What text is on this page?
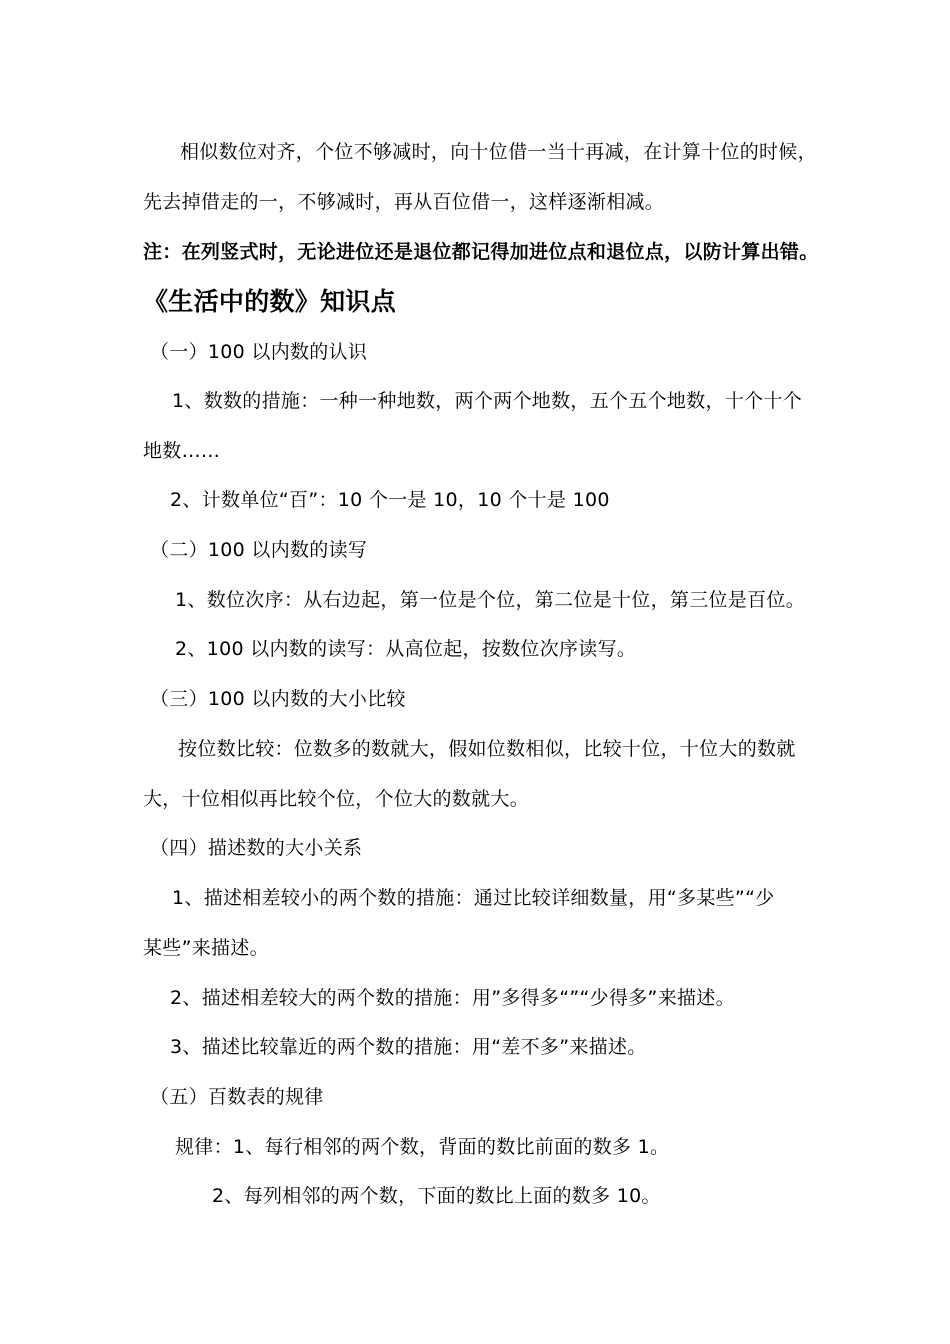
相似数位对齐，个位不够减时，向十位借一当十再减，在计算十位的时候，
先去掉借走的一，不够减时，再从百位借一，这样逐渐相减。
注：在列竖式时，无论进位还是退位都记得加进位点和退位点，以防计算出错。
《生活中的数》知识点
（一）100 以内数的认识
1、数数的措施：一种一种地数，两个两个地数，五个五个地数，十个十个
地数……
2、计数单位“百”：10 个一是 10，10 个十是 100
（二）100 以内数的读写
1、数位次序：从右边起，第一位是个位，第二位是十位，第三位是百位。
2、100 以内数的读写：从高位起，按数位次序读写。
（三）100 以内数的大小比较
按位数比较：位数多的数就大，假如位数相似，比较十位，十位大的数就
大，十位相似再比较个位，个位大的数就大。
（四）描述数的大小关系
1、描述相差较小的两个数的措施：通过比较详细数量，用“多某些”“少
某些”来描述。
2、描述相差较大的两个数的措施：用”多得多“”“少得多”来描述。
3、描述比较靠近的两个数的措施：用“差不多”来描述。
（五）百数表的规律
规律：1、每行相邻的两个数，背面的数比前面的数多 1。
2、每列相邻的两个数，下面的数比上面的数多 10。
